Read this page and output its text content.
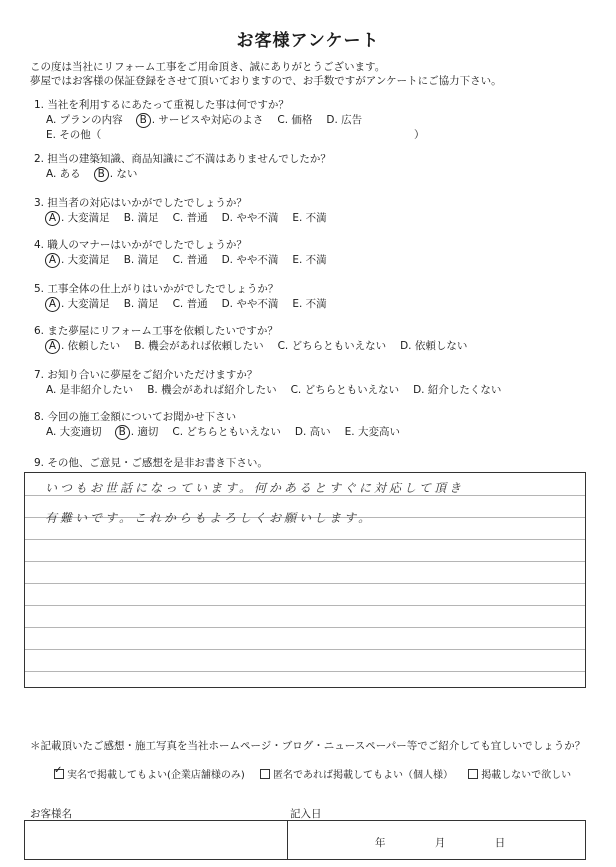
お客様アンケート
この度は当社にリフォーム工事をご用命頂き、誠にありがとうございます。
夢屋ではお客様の保証登録をさせて頂いておりますので、お手数ですがアンケートにご協力下さい。
1. 当社を利用するにあたって重視した事は何ですか？
A. プランの内容 B . サービスや対応のよさ C. 価格 D. 広告
E. その他（	）
2. 担当の建築知識、商品知識にご不満はありませんでしたか？
A. ある B . ない
3. 担当者の対応はいかがでしたでしょうか？
A . 大変満足 B. 満足 C. 普通 D. やや不満 E. 不満
4. 職人のマナーはいかがでしたでしょうか？
A . 大変満足 B. 満足 C. 普通 D. やや不満 E. 不満
5. 工事全体の仕上がりはいかがでしたでしょうか？
A . 大変満足 B. 満足 C. 普通 D. やや不満 E. 不満
6. また夢屋にリフォーム工事を依頼したいですか？
A . 依頼したい B. 機会があれば依頼したい C. どちらともいえない D. 依頼しない
7. お知り合いに夢屋をご紹介いただけますか？
A. 是非紹介したい B. 機会があれば紹介したい C. どちらともいえない D. 紹介したくない
8. 今回の施工金額についてお聞かせ下さい
A. 大変適切 B . 適切 C. どちらともいえない D. 高い E. 大変高い
9. その他、ご意見・ご感想を是非お書き下さい。
いつもお世話になっています。何かあるとすぐに対応して頂き
有難いです。これからもよろしくお願いします。
＊記載頂いたご感想・施工写真を当社ホームページ・ブログ・ニュースペーパー等でご紹介しても宜しいでしょうか？
✓実名で掲載してもよい(企業店舗様のみ)	匿名であれば掲載してもよい（個人様）	掲載しないで欲しい
お客様名	記入日
年	月	日
